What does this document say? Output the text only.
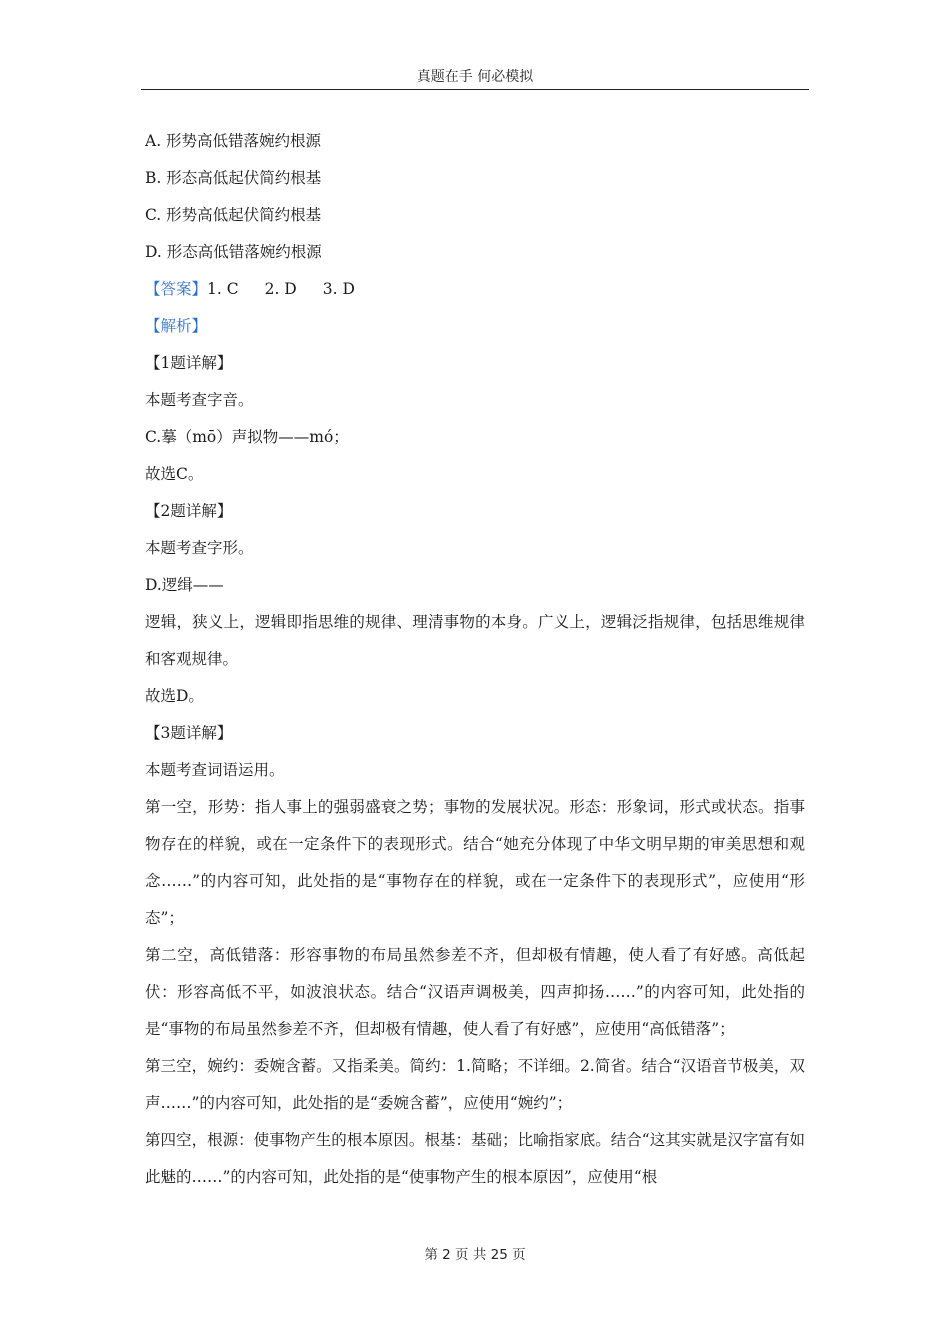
真题在手 何必模拟
A. 形势高低错落婉约根源
B. 形态高低起伏简约根基
C. 形势高低起伏简约根基
D. 形态高低错落婉约根源
【答案】1. C 2. D 3. D
【解析】
【1题详解】
本题考查字音。
C.摹（mō）声拟物——mó；
故选C。
【2题详解】
本题考查字形。
D.逻缉——
逻辑，狭义上，逻辑即指思维的规律、理清事物的本身。广义上，逻辑泛指规律，包括思维规律和客观规律。
故选D。
【3题详解】
本题考查词语运用。
第一空，形势：指人事上的强弱盛衰之势；事物的发展状况。形态：形象词，形式或状态。指事物存在的样貌，或在一定条件下的表现形式。结合“她充分体现了中华文明早期的审美思想和观念……”的内容可知，此处指的是“事物存在的样貌，或在一定条件下的表现形式”，应使用“形态”；
第二空，高低错落：形容事物的布局虽然参差不齐，但却极有情趣，使人看了有好感。高低起伏：形容高低不平，如波浪状态。结合“汉语声调极美，四声抑扬……”的内容可知，此处指的是“事物的布局虽然参差不齐，但却极有情趣，使人看了有好感”，应使用“高低错落”；
第三空，婉约：委婉含蓄。又指柔美。简约：1.简略；不详细。2.简省。结合“汉语音节极美，双声……”的内容可知，此处指的是“委婉含蓄”，应使用“婉约”；
第四空，根源：使事物产生的根本原因。根基：基础；比喻指家底。结合“这其实就是汉字富有如此魅的……”的内容可知，此处指的是“使事物产生的根本原因”，应使用“根
第 2 页 共 25 页
